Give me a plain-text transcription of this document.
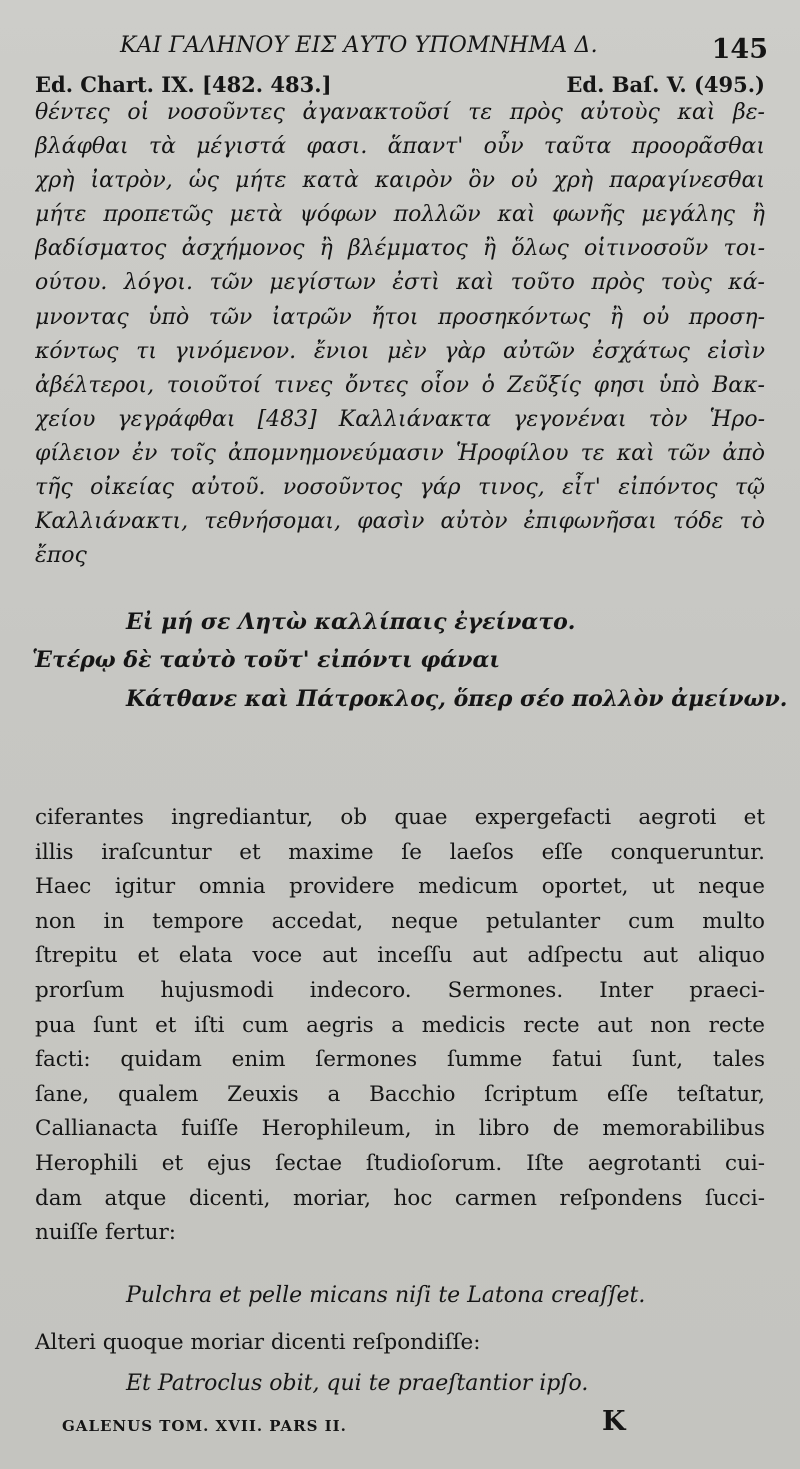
ΚΑΙ ΓΑΛΗΝΟΥ ΕΙΣ ΑΥΤΟ ΥΠΟΜΝΗΜΑ Δ.	145
Ed. Chart. IX. [482. 483.]	Ed. Baſ. V. (495.)
θέντες οἱ νοσοῦντες ἀγανακτοῦσί τε πρὸς αὐτοὺς καὶ βε-
βλάφθαι τὰ μέγιστά φασι. ἅπαντ' οὖν ταῦτα προορᾶσθαι
χρὴ ἰατρὸν, ὡς μήτε κατὰ καιρὸν ὃν οὐ χρὴ παραγίνεσθαι
μήτε προπετῶς μετὰ ψόφων πολλῶν καὶ φωνῆς μεγάλης ἢ
βαδίσματος ἀσχήμονος ἢ βλέμματος ἢ ὅλως οἱτινοσοῦν τοι-
ούτου. λόγοι. τῶν μεγίστων ἐστὶ καὶ τοῦτο πρὸς τοὺς κά-
μνοντας ὑπὸ τῶν ἰατρῶν ἤτοι προσηκόντως ἢ οὐ προση-
κόντως τι γινόμενον. ἔνιοι μὲν γὰρ αὐτῶν ἐσχάτως εἰσὶν
ἀβέλτεροι, τοιοῦτοί τινες ὄντες οἷον ὁ Ζεῦξίς φησι ὑπὸ Βακ-
χείου γεγράφθαι [483] Καλλιάνακτα γεγονέναι τὸν Ἡρο-
φίλειον ἐν τοῖς ἀπομνημονεύμασιν Ἡροφίλου τε καὶ τῶν ἀπὸ
τῆς οἰκείας αὐτοῦ. νοσοῦντος γάρ τινος, εἶτ' εἰπόντος τῷ
Καλλιάνακτι, τεθνήσομαι, φασὶν αὐτὸν ἐπιφωνῆσαι τόδε τὸ
ἔπος
Εἰ μή σε Λητὼ καλλίπαις ἐγείνατο.
Ἑτέρῳ δὲ ταὐτὸ τοῦτ' εἰπόντι φάναι
Κάτθανε καὶ Πάτροκλος, ὅπερ σέο πολλὸν ἀμείνων.
ciferantes ingrediantur, ob quae expergefacti aegroti et
illis iraſcuntur et maxime ſe laeſos eſſe conqueruntur.
Haec igitur omnia providere medicum oportet, ut neque
non in tempore accedat, neque petulanter cum multo
ſtrepitu et elata voce aut inceſſu aut adſpectu aut aliquo
prorſum hujusmodi indecoro. Sermones. Inter praeci-
pua ſunt et iſti cum aegris a medicis recte aut non recte
facti: quidam enim ſermones ſumme fatui ſunt, tales
ſane, qualem Zeuxis a Bacchio ſcriptum eſſe teſtatur,
Callianacta fuiſſe Herophileum, in libro de memorabilibus
Herophili et ejus ſectae ſtudioſorum. Iſte aegrotanti cui-
dam atque dicenti, moriar, hoc carmen reſpondens ſucci-
nuiſſe fertur:
Pulchra et pelle micans niſi te Latona creaſſet.
Alteri quoque moriar dicenti reſpondiſſe:
Et Patroclus obit, qui te praeſtantior ipſo.
GALENUS TOM. XVII. PARS II.	K
